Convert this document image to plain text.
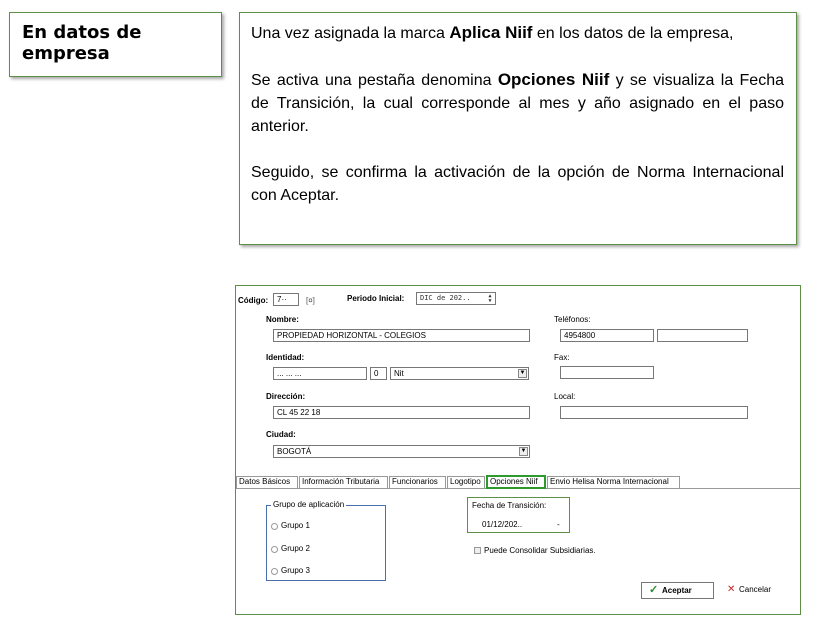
En datos de empresa

Una vez asignada la marca Aplica Niif en los datos de la empresa,

Se activa una pestaña denomina Opciones Niif y se visualiza la Fecha de Transición, la cual corresponde al mes y año asignado en el paso anterior.

Seguido, se confirma la activación de la opción de Norma Internacional con Aceptar.

Código:	7··	[¤]	Periodo Inicial:	DIC de 202..	▲
▼
Nombre:
PROPIEDAD HORIZONTAL - COLEGIOS
Teléfonos:
4954800
Identidad:
... ... ...	0	Nit	▼
Fax:
Dirección:
CL 45 22 18
Local:
Ciudad:
BOGOTÁ	▼
Datos Básicos	Información Tributaria	Funcionarios	Logotipo	Opciones Niif	Envio Helisa Norma Internacional
Grupo de aplicación
Grupo 1
Grupo 2
Grupo 3
Fecha de Transición:
01/12/202..	-
Puede Consolidar Subsidiarias.
✓ Aceptar	✕ Cancelar
